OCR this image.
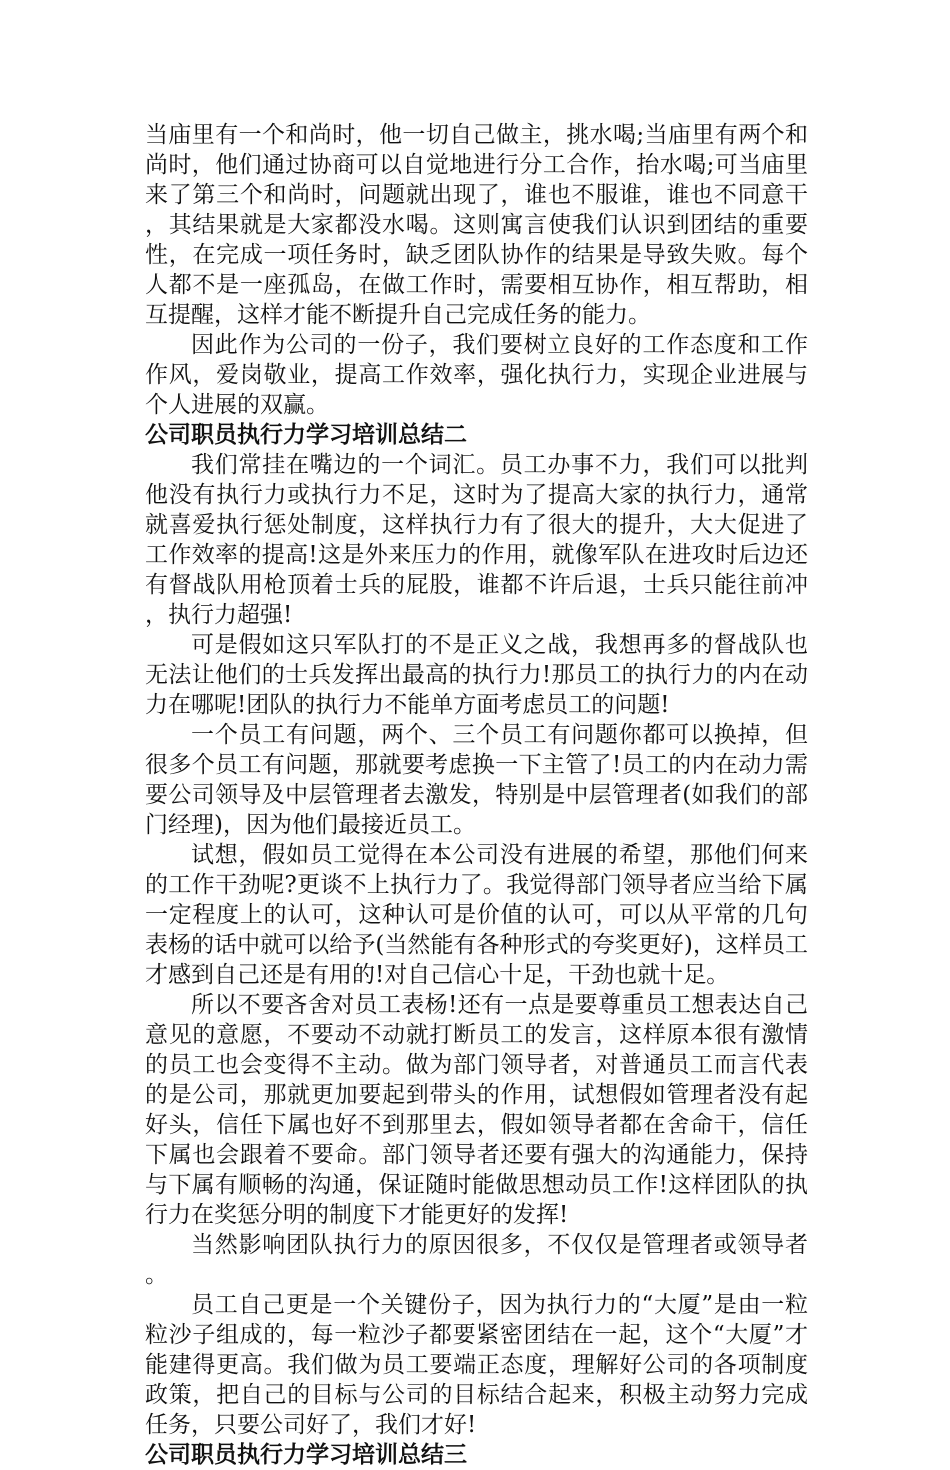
当庙里有一个和尚时，他一切自己做主，挑水喝;当庙里有两个和尚时，他们通过协商可以自觉地进行分工合作，抬水喝;可当庙里来了第三个和尚时，问题就出现了，谁也不服谁，谁也不同意干，其结果就是大家都没水喝。这则寓言使我们认识到团结的重要性，在完成一项任务时，缺乏团队协作的结果是导致失败。每个人都不是一座孤岛，在做工作时，需要相互协作，相互帮助，相互提醒，这样才能不断提升自己完成任务的能力。

因此作为公司的一份子，我们要树立良好的工作态度和工作作风，爱岗敬业，提高工作效率，强化执行力，实现企业进展与个人进展的双赢。

公司职员执行力学习培训总结二

我们常挂在嘴边的一个词汇。员工办事不力，我们可以批判他没有执行力或执行力不足，这时为了提高大家的执行力，通常就喜爱执行惩处制度，这样执行力有了很大的提升，大大促进了工作效率的提高!这是外来压力的作用，就像军队在进攻时后边还有督战队用枪顶着士兵的屁股，谁都不许后退，士兵只能往前冲，执行力超强!

可是假如这只军队打的不是正义之战，我想再多的督战队也无法让他们的士兵发挥出最高的执行力!那员工的执行力的内在动力在哪呢!团队的执行力不能单方面考虑员工的问题!

一个员工有问题，两个、三个员工有问题你都可以换掉，但很多个员工有问题，那就要考虑换一下主管了!员工的内在动力需要公司领导及中层管理者去激发，特别是中层管理者(如我们的部门经理)，因为他们最接近员工。

试想，假如员工觉得在本公司没有进展的希望，那他们何来的工作干劲呢?更谈不上执行力了。我觉得部门领导者应当给下属一定程度上的认可，这种认可是价值的认可，可以从平常的几句表杨的话中就可以给予(当然能有各种形式的夸奖更好)，这样员工才感到自己还是有用的!对自己信心十足，干劲也就十足。

所以不要吝舍对员工表杨!还有一点是要尊重员工想表达自己意见的意愿，不要动不动就打断员工的发言，这样原本很有激情的员工也会变得不主动。做为部门领导者，对普通员工而言代表的是公司，那就更加要起到带头的作用，试想假如管理者没有起好头，信任下属也好不到那里去，假如领导者都在舍命干，信任下属也会跟着不要命。部门领导者还要有强大的沟通能力，保持与下属有顺畅的沟通，保证随时能做思想动员工作!这样团队的执行力在奖惩分明的制度下才能更好的发挥!

当然影响团队执行力的原因很多，不仅仅是管理者或领导者。

员工自己更是一个关键份子，因为执行力的“大厦”是由一粒粒沙子组成的，每一粒沙子都要紧密团结在一起，这个“大厦”才能建得更高。我们做为员工要端正态度，理解好公司的各项制度政策，把自己的目标与公司的目标结合起来，积极主动努力完成任务，只要公司好了，我们才好!

公司职员执行力学习培训总结三
